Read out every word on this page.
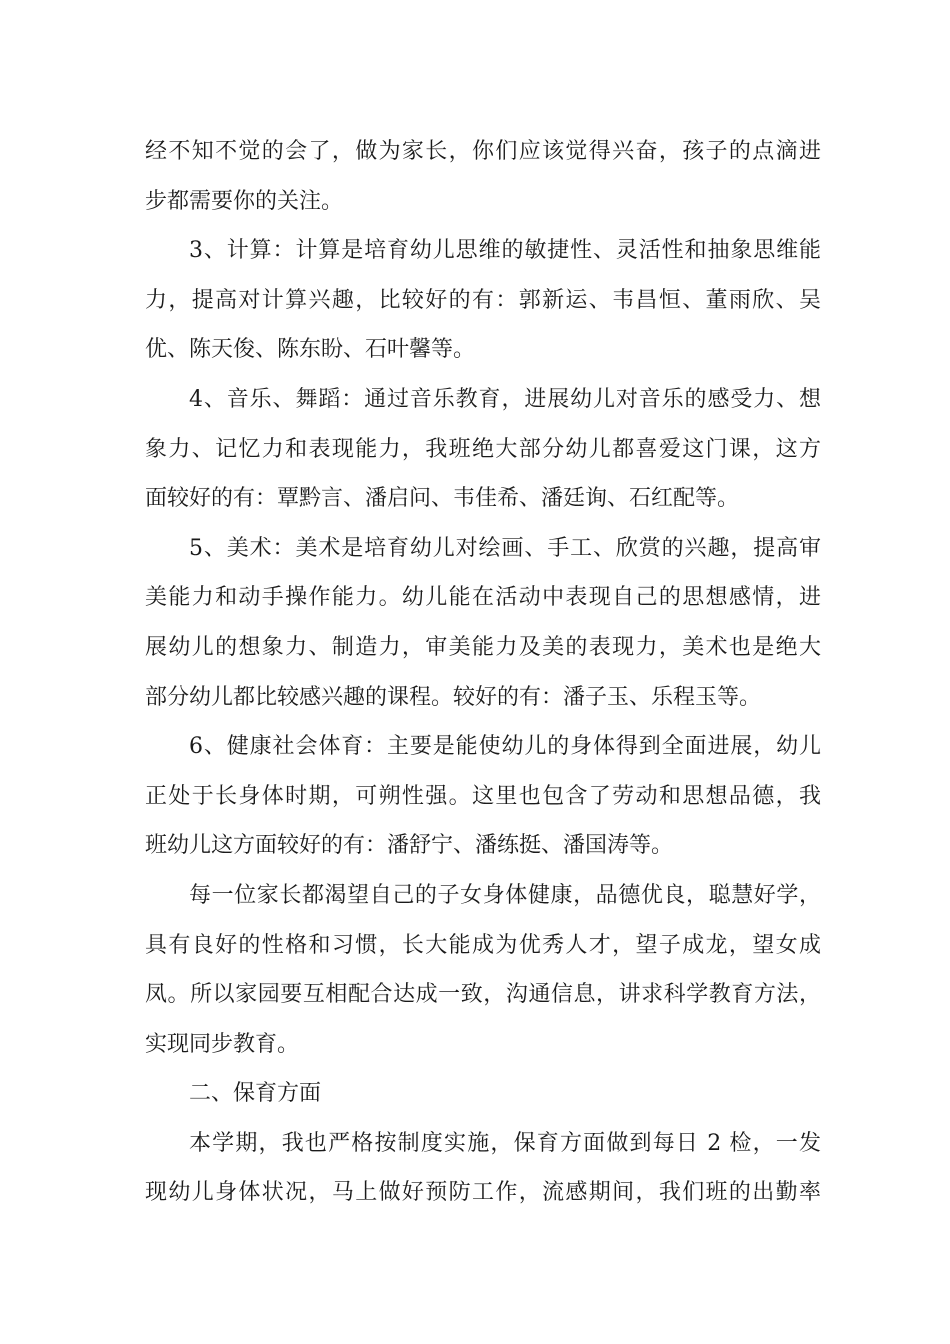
经不知不觉的会了，做为家长，你们应该觉得兴奋，孩子的点滴进
步都需要你的关注。
3、计算：计算是培育幼儿思维的敏捷性、灵活性和抽象思维能
力，提高对计算兴趣，比较好的有：郭新运、韦昌恒、董雨欣、吴
优、陈天俊、陈东盼、石叶馨等。
4、音乐、舞蹈：通过音乐教育，进展幼儿对音乐的感受力、想
象力、记忆力和表现能力，我班绝大部分幼儿都喜爱这门课，这方
面较好的有：覃黔言、潘启问、韦佳希、潘廷询、石红配等。
5、美术：美术是培育幼儿对绘画、手工、欣赏的兴趣，提高审
美能力和动手操作能力。幼儿能在活动中表现自己的思想感情，进
展幼儿的想象力、制造力，审美能力及美的表现力，美术也是绝大
部分幼儿都比较感兴趣的课程。较好的有：潘子玉、乐程玉等。
6、健康社会体育：主要是能使幼儿的身体得到全面进展，幼儿
正处于长身体时期，可朔性强。这里也包含了劳动和思想品德，我
班幼儿这方面较好的有：潘舒宁、潘练挺、潘国涛等。
每一位家长都渴望自己的子女身体健康，品德优良，聪慧好学，
具有良好的性格和习惯，长大能成为优秀人才，望子成龙，望女成
凤。所以家园要互相配合达成一致，沟通信息，讲求科学教育方法，
实现同步教育。
二、保育方面
本学期，我也严格按制度实施，保育方面做到每日 2 检，一发
现幼儿身体状况，马上做好预防工作，流感期间，我们班的出勤率
